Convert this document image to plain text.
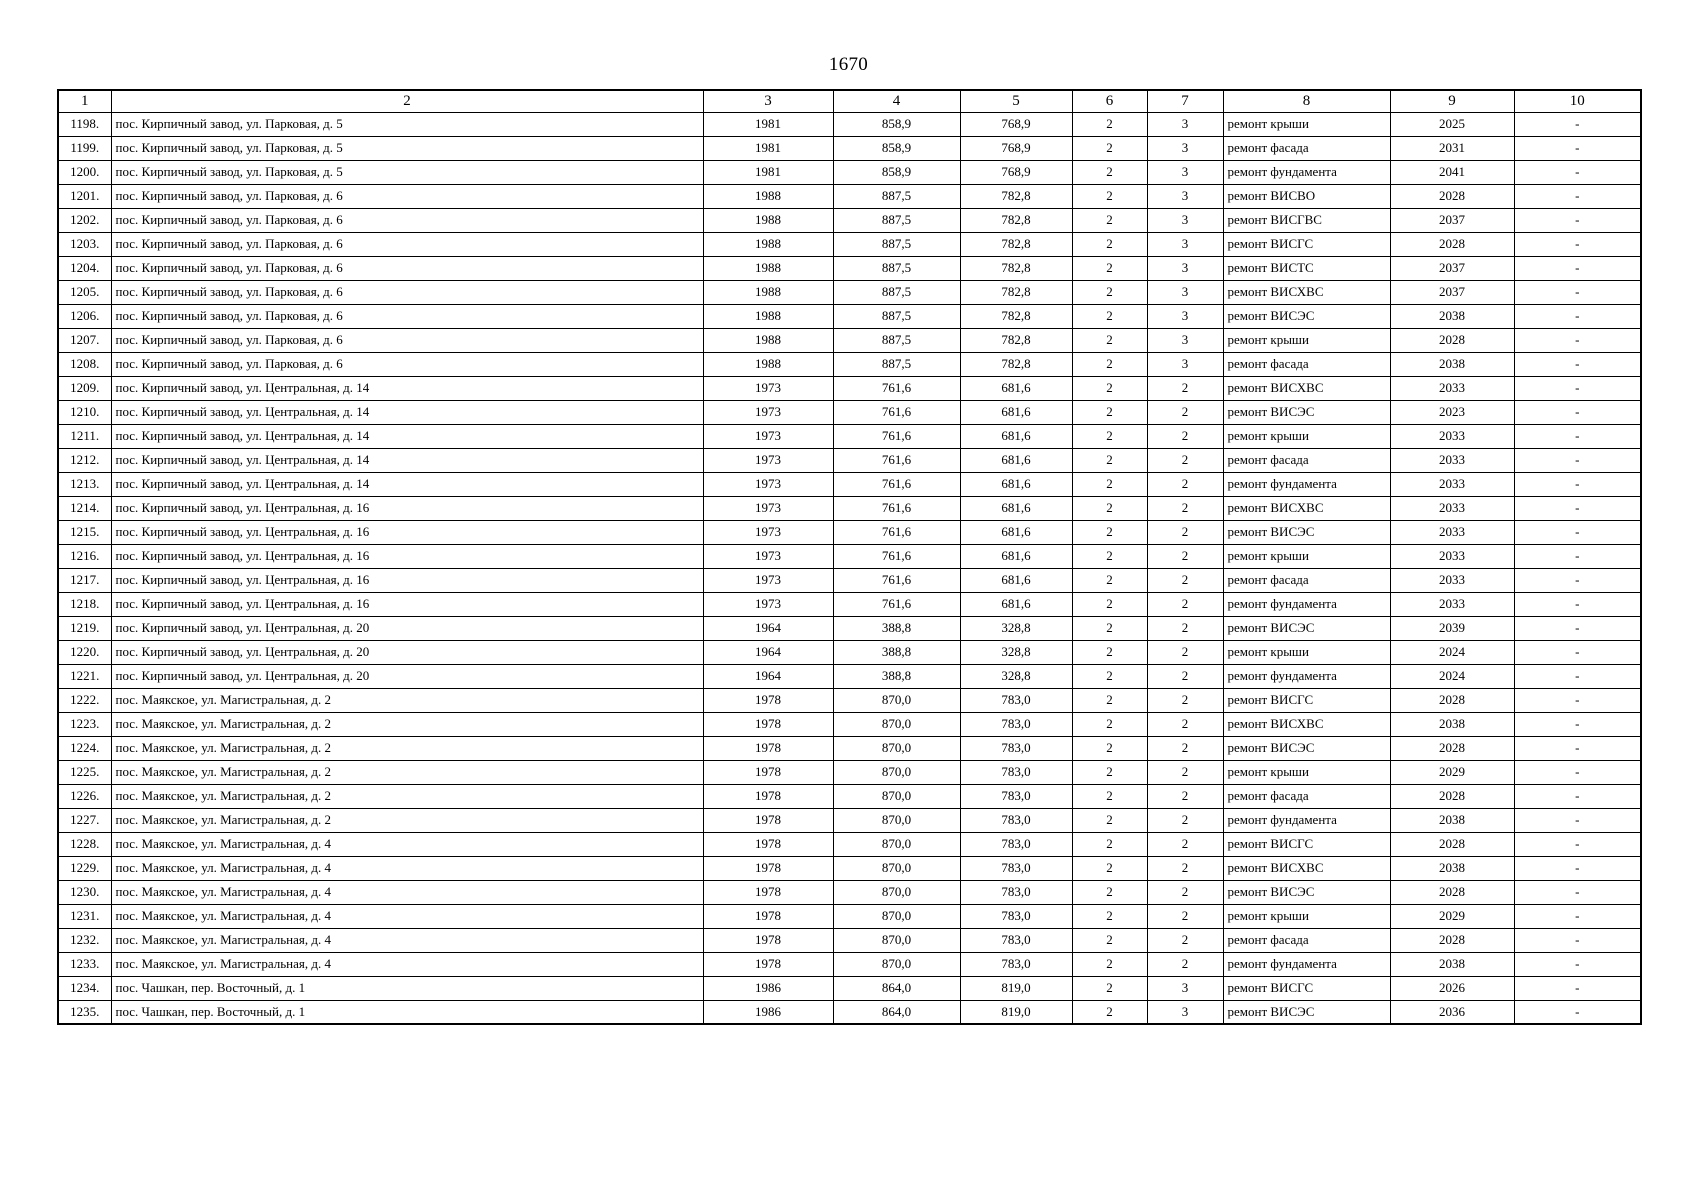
1670
1	2	3	4	5	6	7	8	9	10
1198.	пос. Кирпичный завод, ул. Парковая, д. 5	1981	858,9	768,9	2	3	ремонт крыши	2025	-
1199.	пос. Кирпичный завод, ул. Парковая, д. 5	1981	858,9	768,9	2	3	ремонт фасада	2031	-
1200.	пос. Кирпичный завод, ул. Парковая, д. 5	1981	858,9	768,9	2	3	ремонт фундамента	2041	-
1201.	пос. Кирпичный завод, ул. Парковая, д. 6	1988	887,5	782,8	2	3	ремонт ВИСВО	2028	-
1202.	пос. Кирпичный завод, ул. Парковая, д. 6	1988	887,5	782,8	2	3	ремонт ВИСГВС	2037	-
1203.	пос. Кирпичный завод, ул. Парковая, д. 6	1988	887,5	782,8	2	3	ремонт ВИСГС	2028	-
1204.	пос. Кирпичный завод, ул. Парковая, д. 6	1988	887,5	782,8	2	3	ремонт ВИСТС	2037	-
1205.	пос. Кирпичный завод, ул. Парковая, д. 6	1988	887,5	782,8	2	3	ремонт ВИСХВС	2037	-
1206.	пос. Кирпичный завод, ул. Парковая, д. 6	1988	887,5	782,8	2	3	ремонт ВИСЭС	2038	-
1207.	пос. Кирпичный завод, ул. Парковая, д. 6	1988	887,5	782,8	2	3	ремонт крыши	2028	-
1208.	пос. Кирпичный завод, ул. Парковая, д. 6	1988	887,5	782,8	2	3	ремонт фасада	2038	-
1209.	пос. Кирпичный завод, ул. Центральная, д. 14	1973	761,6	681,6	2	2	ремонт ВИСХВС	2033	-
1210.	пос. Кирпичный завод, ул. Центральная, д. 14	1973	761,6	681,6	2	2	ремонт ВИСЭС	2023	-
1211.	пос. Кирпичный завод, ул. Центральная, д. 14	1973	761,6	681,6	2	2	ремонт крыши	2033	-
1212.	пос. Кирпичный завод, ул. Центральная, д. 14	1973	761,6	681,6	2	2	ремонт фасада	2033	-
1213.	пос. Кирпичный завод, ул. Центральная, д. 14	1973	761,6	681,6	2	2	ремонт фундамента	2033	-
1214.	пос. Кирпичный завод, ул. Центральная, д. 16	1973	761,6	681,6	2	2	ремонт ВИСХВС	2033	-
1215.	пос. Кирпичный завод, ул. Центральная, д. 16	1973	761,6	681,6	2	2	ремонт ВИСЭС	2033	-
1216.	пос. Кирпичный завод, ул. Центральная, д. 16	1973	761,6	681,6	2	2	ремонт крыши	2033	-
1217.	пос. Кирпичный завод, ул. Центральная, д. 16	1973	761,6	681,6	2	2	ремонт фасада	2033	-
1218.	пос. Кирпичный завод, ул. Центральная, д. 16	1973	761,6	681,6	2	2	ремонт фундамента	2033	-
1219.	пос. Кирпичный завод, ул. Центральная, д. 20	1964	388,8	328,8	2	2	ремонт ВИСЭС	2039	-
1220.	пос. Кирпичный завод, ул. Центральная, д. 20	1964	388,8	328,8	2	2	ремонт крыши	2024	-
1221.	пос. Кирпичный завод, ул. Центральная, д. 20	1964	388,8	328,8	2	2	ремонт фундамента	2024	-
1222.	пос. Маякское, ул. Магистральная, д. 2	1978	870,0	783,0	2	2	ремонт ВИСГС	2028	-
1223.	пос. Маякское, ул. Магистральная, д. 2	1978	870,0	783,0	2	2	ремонт ВИСХВС	2038	-
1224.	пос. Маякское, ул. Магистральная, д. 2	1978	870,0	783,0	2	2	ремонт ВИСЭС	2028	-
1225.	пос. Маякское, ул. Магистральная, д. 2	1978	870,0	783,0	2	2	ремонт крыши	2029	-
1226.	пос. Маякское, ул. Магистральная, д. 2	1978	870,0	783,0	2	2	ремонт фасада	2028	-
1227.	пос. Маякское, ул. Магистральная, д. 2	1978	870,0	783,0	2	2	ремонт фундамента	2038	-
1228.	пос. Маякское, ул. Магистральная, д. 4	1978	870,0	783,0	2	2	ремонт ВИСГС	2028	-
1229.	пос. Маякское, ул. Магистральная, д. 4	1978	870,0	783,0	2	2	ремонт ВИСХВС	2038	-
1230.	пос. Маякское, ул. Магистральная, д. 4	1978	870,0	783,0	2	2	ремонт ВИСЭС	2028	-
1231.	пос. Маякское, ул. Магистральная, д. 4	1978	870,0	783,0	2	2	ремонт крыши	2029	-
1232.	пос. Маякское, ул. Магистральная, д. 4	1978	870,0	783,0	2	2	ремонт фасада	2028	-
1233.	пос. Маякское, ул. Магистральная, д. 4	1978	870,0	783,0	2	2	ремонт фундамента	2038	-
1234.	пос. Чашкан, пер. Восточный, д. 1	1986	864,0	819,0	2	3	ремонт ВИСГС	2026	-
1235.	пос. Чашкан, пер. Восточный, д. 1	1986	864,0	819,0	2	3	ремонт ВИСЭС	2036	-
